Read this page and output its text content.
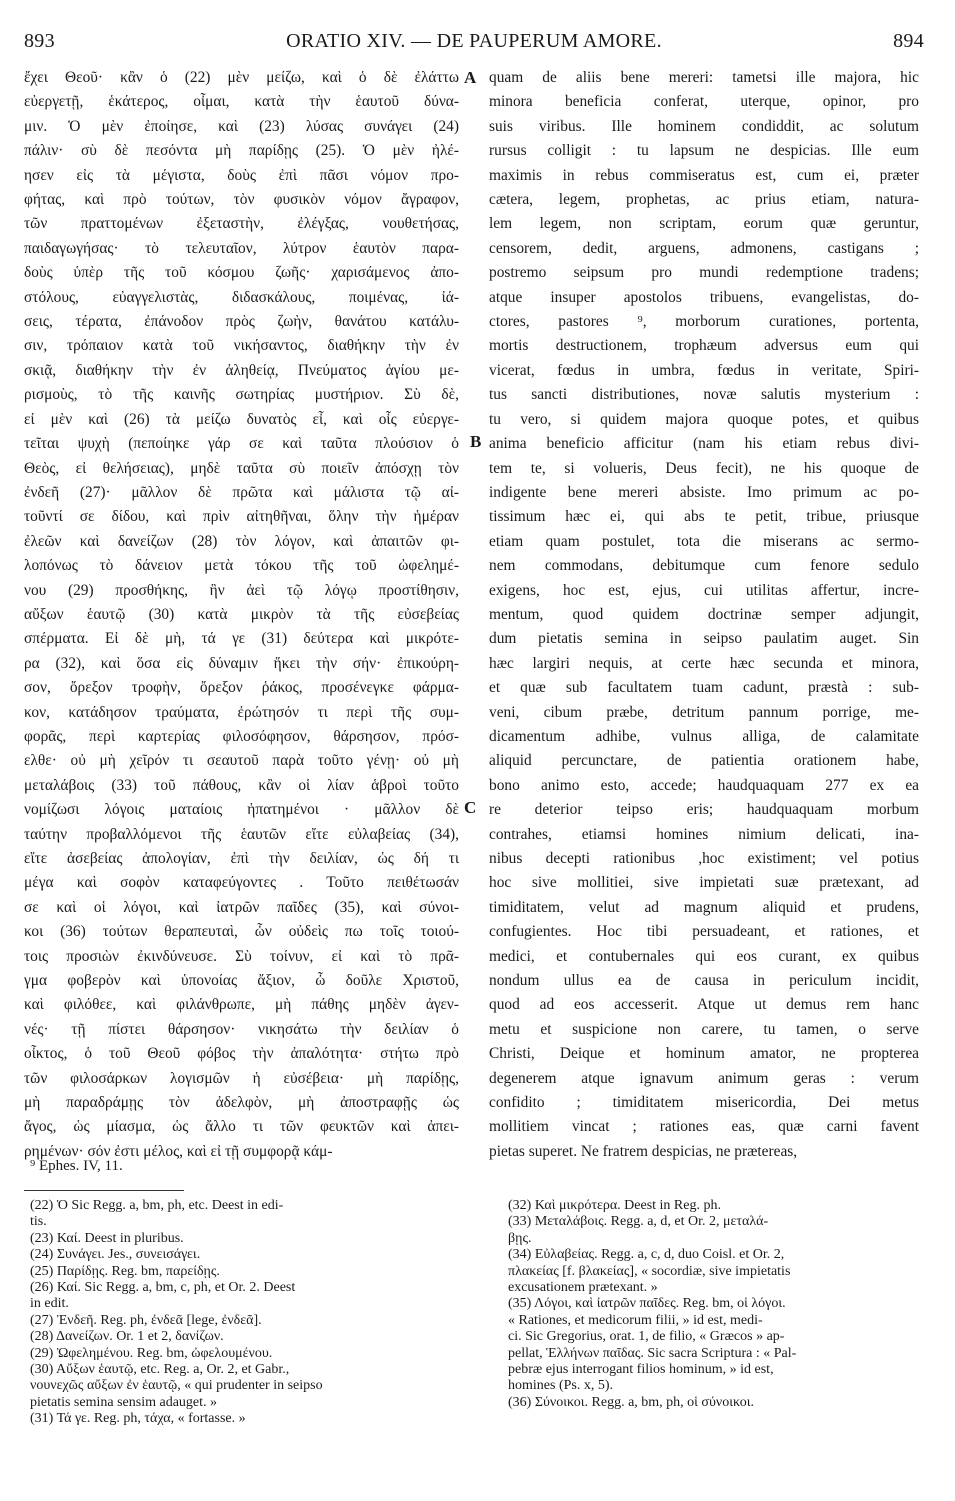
893	ORATIO XIV. — DE PAUPERUM AMORE.	894
ἔχει Θεοῦ· κἂν ὁ (22) μὲν μείζω, καὶ ὁ δὲ ἐλάττω
εὐεργετῇ, ἑκάτερος, οἶμαι, κατὰ τὴν ἑαυτοῦ δύνα-
μιν. Ὁ μὲν ἐποίησε, καὶ (23) λύσας συνάγει (24)
πάλιν· σὺ δὲ πεσόντα μὴ παρίδῃς (25). Ὁ μὲν ἠλέ-
ησεν εἰς τὰ μέγιστα, δοὺς ἐπὶ πᾶσι νόμον προ-
φήτας, καὶ πρὸ τούτων, τὸν φυσικὸν νόμον ἄγραφον,
τῶν πραττομένων ἐξεταστὴν, ἐλέγξας, νουθετήσας,
παιδαγωγήσας· τὸ τελευταῖον, λύτρον ἑαυτὸν παρα-
δοὺς ὑπὲρ τῆς τοῦ κόσμου ζωῆς· χαρισάμενος ἀπο-
στόλους, εὐαγγελιστὰς, διδασκάλους, ποιμένας, ἰά-
σεις, τέρατα, ἐπάνοδον πρὸς ζωὴν, θανάτου κατάλυ-
σιν, τρόπαιον κατὰ τοῦ νικήσαντος, διαθήκην τὴν ἐν
σκιᾷ, διαθήκην τὴν ἐν ἀληθείᾳ, Πνεύματος ἁγίου με-
ρισμοὺς, τὸ τῆς καινῆς σωτηρίας μυστήριον. Σὺ δὲ,
εἰ μὲν καὶ (26) τὰ μείζω δυνατὸς εἶ, καὶ οἷς εὐεργε-
τεῖται ψυχὴ (πεποίηκε γάρ σε καὶ ταῦτα πλούσιον ὁ
Θεὸς, εἰ θελήσειας), μηδὲ ταῦτα σὺ ποιεῖν ἀπόσχῃ τὸν
ἐνδεῆ (27)· μᾶλλον δὲ πρῶτα καὶ μάλιστα τῷ αἰ-
τοῦντί σε δίδου, καὶ πρὶν αἰτηθῆναι, ὅλην τὴν ἡμέραν
ἐλεῶν καὶ δανείζων (28) τὸν λόγον, καὶ ἀπαιτῶν φι-
λοπόνως τὸ δάνειον μετὰ τόκου τῆς τοῦ ὠφελημέ-
νου (29) προσθήκης, ἣν ἀεὶ τῷ λόγῳ προστίθησιν,
αὔξων ἑαυτῷ (30) κατὰ μικρὸν τὰ τῆς εὐσεβείας
σπέρματα. Εἰ δὲ μὴ, τά γε (31) δεύτερα καὶ μικρότε-
ρα (32), καὶ ὅσα εἰς δύναμιν ἥκει τὴν σήν· ἐπικούρη-
σον, ὄρεξον τροφὴν, ὄρεξον ῥάκος, προσένεγκε φάρμα-
κον, κατάδησον τραύματα, ἐρώτησόν τι περὶ τῆς συμ-
φορᾶς, περὶ καρτερίας φιλοσόφησον, θάρσησον, πρόσ-
ελθε· οὐ μὴ χεῖρόν τι σεαυτοῦ παρὰ τοῦτο γένῃ· οὐ μὴ
μεταλάβοις (33) τοῦ πάθους, κἂν οἱ λίαν ἁβροὶ τοῦτο
νομίζωσι λόγοις ματαίοις ἠπατημένοι · μᾶλλον δὲ
ταύτην προβαλλόμενοι τῆς ἑαυτῶν εἴτε εὐλαβείας (34),
εἴτε ἀσεβείας ἀπολογίαν, ἐπὶ τὴν δειλίαν, ὡς δή τι
μέγα καὶ σοφὸν καταφεύγοντες . Τοῦτο πειθέτωσάν
σε καὶ οἱ λόγοι, καὶ ἰατρῶν παῖδες (35), καὶ σύνοι-
κοι (36) τούτων θεραπευταὶ, ὧν οὐδεὶς πω τοῖς τοιού-
τοις προσιὼν ἐκινδύνευσε. Σὺ τοίνυν, εἰ καὶ τὸ πρᾶ-
γμα φοβερὸν καὶ ὑπονοίας ἄξιον, ὦ δοῦλε Χριστοῦ,
καὶ φιλόθεε, καὶ φιλάνθρωπε, μὴ πάθης μηδὲν ἀγεν-
νές· τῇ πίστει θάρσησον· νικησάτω τὴν δειλίαν ὁ
οἶκτος, ὁ τοῦ Θεοῦ φόβος τὴν ἀπαλότητα· στήτω πρὸ
τῶν φιλοσάρκων λογισμῶν ἡ εὐσέβεια· μὴ παρίδῃς,
μὴ παραδράμῃς τὸν ἀδελφὸν, μὴ ἀποστραφῇς ὡς
ἄγος, ὡς μίασμα, ὡς ἄλλο τι τῶν φευκτῶν καὶ ἀπει-
ρημένων· σόν ἐστι μέλος, καὶ εἰ τῇ συμφορᾷ κάμ-
quam de aliis bene mereri: tametsi ille majora, hic
minora beneficia conferat, uterque, opinor, pro
suis viribus. Ille hominem condiddit, ac solutum
rursus colligit : tu lapsum ne despicias. Ille eum
maximis in rebus commiseratus est, cum ei, præter
cætera, legem, prophetas, ac prius etiam, natura-
lem legem, non scriptam, eorum quæ geruntur,
censorem, dedit, arguens, admonens, castigans ;
postremo seipsum pro mundi redemptione tradens;
atque insuper apostolos tribuens, evangelistas, do-
ctores, pastores ⁹, morborum curationes, portenta,
mortis destructionem, trophæum adversus eum qui
vicerat, fœdus in umbra, fœdus in veritate, Spiri-
tus sancti distributiones, novæ salutis mysterium :
tu vero, si quidem majora quoque potes, et quibus
anima beneficio afficitur (nam his etiam rebus divi-
tem te, si volueris, Deus fecit), ne his quoque de
indigente bene mereri absiste. Imo primum ac po-
tissimum hæc ei, qui abs te petit, tribue, priusque
etiam quam postulet, tota die miserans ac sermo-
nem commodans, debitumque cum fenore sedulo
exigens, hoc est, ejus, cui utilitas affertur, incre-
mentum, quod quidem doctrinæ semper adjungit,
dum pietatis semina in seipso paulatim auget. Sin
hæc largiri nequis, at certe hæc secunda et minora,
et quæ sub facultatem tuam cadunt, præstà : sub-
veni, cibum præbe, detritum pannum porrige, me-
dicamentum adhibe, vulnus alliga, de calamitate
aliquid percunctare, de patientia orationem habe,
bono animo esto, accede; haudquaquam 277 ex ea
re deterior teipso eris; haudquaquam morbum
contrahes, etiamsi homines nimium delicati, ina-
nibus decepti rationibus ,hoc existiment; vel potius
hoc sive mollitiei, sive impietati suæ prætexant, ad
timiditatem, velut ad magnum aliquid et prudens,
confugientes. Hoc tibi persuadeant, et rationes, et
medici, et contubernales qui eos curant, ex quibus
nondum ullus ea de causa in periculum incidit,
quod ad eos accesserit. Atque ut demus rem hanc
metu et suspicione non carere, tu tamen, o serve
Christi, Deique et hominum amator, ne propterea
degenerem atque ignavum animum geras : verum
confidito ; timiditatem misericordia, Dei metus
mollitiem vincat ; rationes eas, quæ carni favent
pietas superet. Ne fratrem despicias, ne prætereas,
A
B
C
⁹ Ephes. IV, 11.
(22) Ὁ Sic Regg. a, bm, ph, etc. Deest in edi-
tis.
(23) Καί. Deest in pluribus.
(24) Συνάγει. Jes., συνεισάγει.
(25) Παρίδῃς. Reg. bm, παρείδῃς.
(26) Καί. Sic Regg. a, bm, c, ph, et Or. 2. Deest
in edit.
(27) Ἐνδεῆ. Reg. ph, ἐνδεᾶ [lege, ἐνδεᾶ].
(28) Δανείζων. Or. 1 et 2, δανίζων.
(29) Ὠφελημένου. Reg. bm, ὠφελουμένου.
(30) Αὔξων ἑαυτῷ, etc. Reg. a, Or. 2, et Gabr.,
νουνεχῶς αὔξων ἐν ἑαυτῷ, « qui prudenter in seipso
pietatis semina sensim adauget. »
(31) Τά γε. Reg. ph, τάχα, « fortasse. »
(32) Καὶ μικρότερα. Deest in Reg. ph.
(33) Μεταλάβοις. Regg. a, d, et Or. 2, μεταλά-
βῃς.
(34) Εὐλαβείας. Regg. a, c, d, duo Coisl. et Or. 2,
πλακείας [f. βλακείας], « socordiæ, sive impietatis
excusationem prætexant. »
(35) Λόγοι, καὶ ἰατρῶν παῖδες. Reg. bm, οἱ λόγοι.
« Rationes, et medicorum filii, » id est, medi-
ci. Sic Gregorius, orat. 1, de filio, « Græcos » ap-
pellat, Ἑλλήνων παῖδας. Sic sacra Scriptura : « Pal-
pebræ ejus interrogant filios hominum, » id est,
homines (Ps. x, 5).
(36) Σύνοικοι. Regg. a, bm, ph, οἱ σύνοικοι.
